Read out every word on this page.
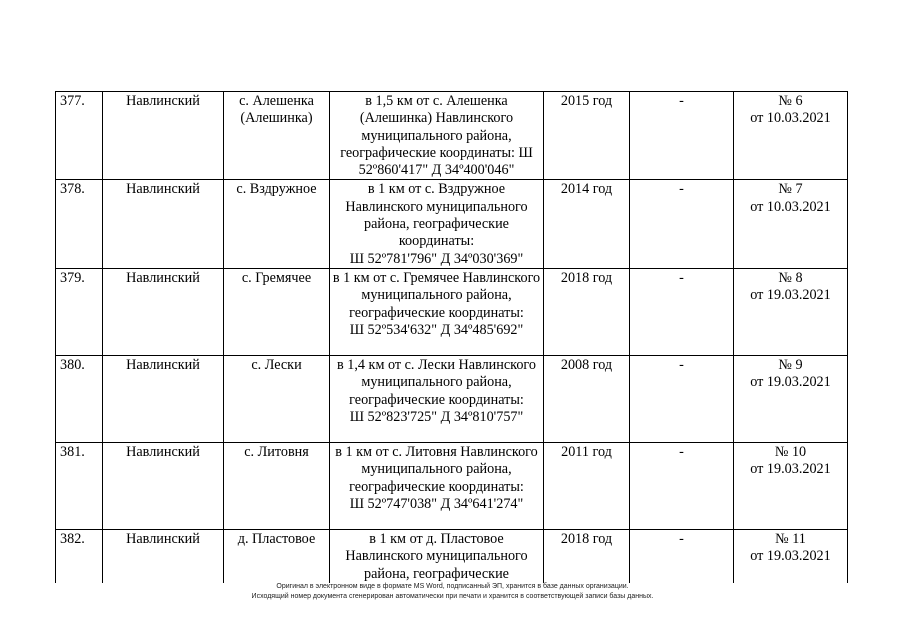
377.	Навлинский	с. Алешенка (Алешинка)	в 1,5 км от с. Алешенка (Алешинка) Навлинского муниципального района, географические координаты: Ш 52º860'417" Д 34º400'046"	2015 год	-	№ 6
от 10.03.2021
378.	Навлинский	с. Вздружное	в 1 км от с. Вздружное Навлинского муниципального района, географические координаты:
Ш 52º781'796" Д 34º030'369"	2014 год	-	№ 7
от 10.03.2021
379.	Навлинский	с. Гремячее	в 1 км от с. Гремячее Навлинского муниципального района, географические координаты:
Ш 52º534'632" Д 34º485'692"	2018 год	-	№ 8
от 19.03.2021
380.	Навлинский	с. Лески	в 1,4 км от с. Лески Навлинского муниципального района, географические координаты:
Ш 52º823'725" Д 34º810'757"	2008 год	-	№ 9
от 19.03.2021
381.	Навлинский	с. Литовня	в 1 км от с. Литовня Навлинского муниципального района, географические координаты:
Ш 52º747'038" Д 34º641'274"	2011 год	-	№ 10
от 19.03.2021
382.	Навлинский	д. Пластовое	в 1 км от д. Пластовое Навлинского муниципального района, географические	2018 год	-	№ 11
от 19.03.2021
Оригинал в электронном виде в формате MS Word, подписанный ЭП, хранится в базе данных организации.
Исходящий номер документа сгенерирован автоматически при печати и хранится в соответствующей записи базы данных.
